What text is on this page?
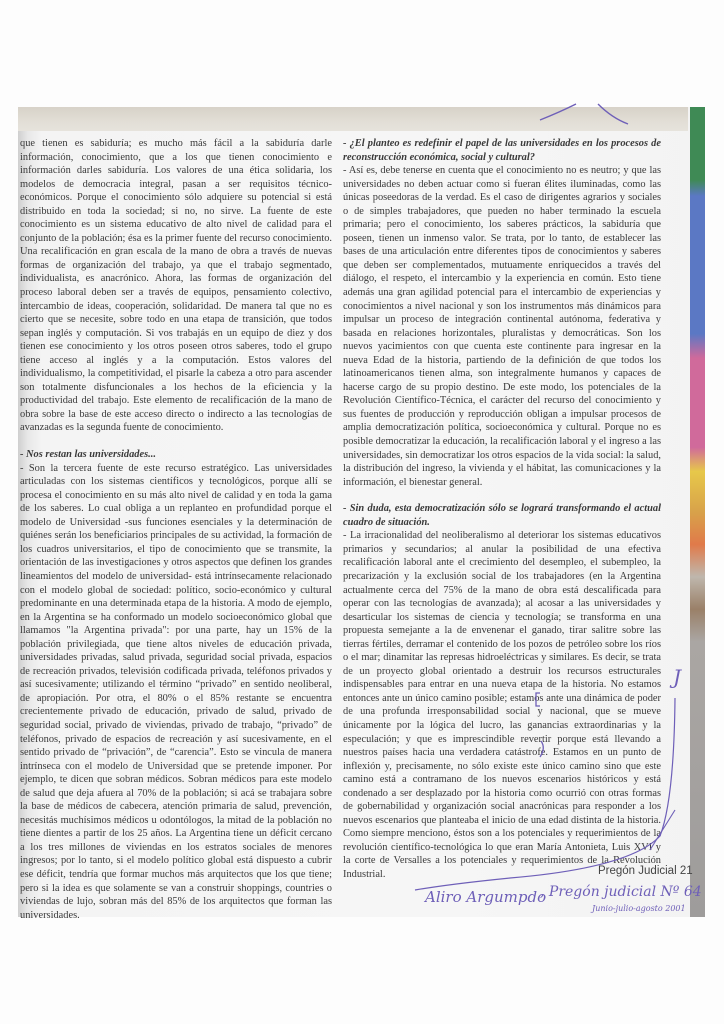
que tienen es sabiduría; es mucho más fácil a la sabiduría darle información, conocimiento, que a los que tienen conocimiento e información darles sabiduría. Los valores de una ética solidaria, los modelos de democracia integral, pasan a ser requisitos técnico-económicos. Porque el conocimiento sólo adquiere su potencial si está distribuido en toda la sociedad; si no, no sirve. La fuente de este conocimiento es un sistema educativo de alto nivel de calidad para el conjunto de la población; ésa es la primer fuente del recurso conocimiento. Una recalificación en gran escala de la mano de obra a través de nuevas formas de organización del trabajo, ya que el trabajo segmentado, individualista, es anacrónico. Ahora, las formas de organización del proceso laboral deben ser a través de equipos, pensamiento colectivo, intercambio de ideas, cooperación, solidaridad. De manera tal que no es cierto que se necesite, sobre todo en una etapa de transición, que todos sepan inglés y computación. Si vos trabajás en un equipo de diez y dos tienen ese conocimiento y los otros poseen otros saberes, todo el grupo tiene acceso al inglés y a la computación. Estos valores del individualismo, la competitividad, el pisarle la cabeza a otro para ascender son totalmente disfuncionales a los hechos de la eficiencia y la productividad del trabajo. Este elemento de recalificación de la mano de obra sobre la base de este acceso directo o indirecto a las tecnologías de avanzadas es la segunda fuente de conocimiento.

- Nos restan las universidades...

- Son la tercera fuente de este recurso estratégico. Las universidades articuladas con los sistemas científicos y tecnológicos, porque allí se procesa el conocimiento en su más alto nivel de calidad y en toda la gama de los saberes. Lo cual obliga a un replanteo en profundidad porque el modelo de Universidad -sus funciones esenciales y la determinación de quiénes serán los beneficiarios principales de su actividad, la formación de los cuadros universitarios, el tipo de conocimiento que se transmite, la orientación de las investigaciones y otros aspectos que definen los grandes lineamientos del modelo de universidad- está intrínsecamente relacionado con el modelo global de sociedad: político, socio-económico y cultural predominante en una determinada etapa de la historia. A modo de ejemplo, en la Argentina se ha conformado un modelo socioeconómico global que llamamos "la Argentina privada": por una parte, hay un 15% de la población privilegiada, que tiene altos niveles de educación privada, universidades privadas, salud privada, seguridad social privada, espacios de recreación privados, televisión codificada privada, teléfonos privados y así sucesivamente; utilizando el término “privado” en sentido neoliberal, de apropiación. Por otra, el 80% o el 85% restante se encuentra crecientemente privado de educación, privado de salud, privado de seguridad social, privado de viviendas, privado de trabajo, “privado” de teléfonos, privado de espacios de recreación y así sucesivamente, en el sentido privado de “privación”, de “carencia”. Esto se vincula de manera intrínseca con el modelo de Universidad que se pretende imponer. Por ejemplo, te dicen que sobran médicos. Sobran médicos para este modelo de salud que deja afuera al 70% de la población; si acá se trabajara sobre la base de médicos de cabecera, atención primaria de salud, prevención, necesitás muchísimos médicos u odontólogos, la mitad de la población no tiene dientes a partir de los 25 años. La Argentina tiene un déficit cercano a los tres millones de viviendas en los estratos sociales de menores ingresos; por lo tanto, si el modelo político global está dispuesto a cubrir ese déficit, tendría que formar muchos más arquitectos que los que tiene; pero si la idea es que solamente se van a construir shoppings, countries o viviendas de lujo, sobran más del 85% de los arquitectos que forman las universidades.

- ¿El planteo es redefinir el papel de las universidades en los procesos de reconstrucción económica, social y cultural?

- Así es, debe tenerse en cuenta que el conocimiento no es neutro; y que las universidades no deben actuar como si fueran élites iluminadas, como las únicas poseedoras de la verdad. Es el caso de dirigentes agrarios y sociales o de simples trabajadores, que pueden no haber terminado la escuela primaria; pero el conocimiento, los saberes prácticos, la sabiduría que poseen, tienen un inmenso valor. Se trata, por lo tanto, de establecer las bases de una articulación entre diferentes tipos de conocimientos y saberes que deben ser complementados, mutuamente enriquecidos a través del diálogo, el respeto, el intercambio y la experiencia en común. Esto tiene además una gran agilidad potencial para el intercambio de experiencias y conocimientos a nivel nacional y son los instrumentos más dinámicos para impulsar un proceso de integración continental autónoma, federativa y basada en relaciones horizontales, pluralistas y democráticas. Son los nuevos yacimientos con que cuenta este continente para ingresar en la nueva Edad de la historia, partiendo de la definición de que todos los latinoamericanos tienen alma, son integralmente humanos y capaces de hacerse cargo de su propio destino. De este modo, los potenciales de la Revolución Científico-Técnica, el carácter del recurso del conocimiento y sus fuentes de producción y reproducción obligan a impulsar procesos de amplia democratización política, socioeconómica y cultural. Porque no es posible democratizar la educación, la recalificación laboral y el ingreso a las universidades, sin democratizar los otros espacios de la vida social: la salud, la distribución del ingreso, la vivienda y el hábitat, las comunicaciones y la información, el bienestar general.

- Sin duda, esta democratización sólo se logrará transformando el actual cuadro de situación.

- La irracionalidad del neoliberalismo al deteriorar los sistemas educativos primarios y secundarios; al anular la posibilidad de una efectiva recalificación laboral ante el crecimiento del desempleo, el subempleo, la precarización y la exclusión social de los trabajadores (en la Argentina actualmente cerca del 75% de la mano de obra está descalificada para operar con las tecnologías de avanzada); al acosar a las universidades y desarticular los sistemas de ciencia y tecnología; se transforma en una propuesta semejante a la de envenenar el ganado, tirar salitre sobre las tierras fértiles, derramar el contenido de los pozos de petróleo sobre los ríos o el mar; dinamitar las represas hidroeléctricas y similares. Es decir, se trata de un proyecto global orientado a destruir los recursos estructurales indispensables para entrar en una nueva etapa de la historia. No estamos entonces ante un único camino posible; estamos ante una dinámica de poder de una profunda irresponsabilidad social y nacional, que se mueve únicamente por la lógica del lucro, las ganancias extraordinarias y la especulación; y que es imprescindible revertir porque está llevando a nuestros países hacia una verdadera catástrofe. Estamos en un punto de inflexión y, precisamente, no sólo existe este único camino sino que este camino está a contramano de los nuevos escenarios históricos y está condenado a ser desplazado por la historia como ocurrió con otras formas de gobernabilidad y organización social anacrónicas para responder a los nuevos escenarios que planteaba el inicio de una edad distinta de la historia. Como siempre menciono, éstos son a los potenciales y requerimientos de la revolución científico-tecnológica lo que eran María Antonieta, Luis XVI y la corte de Versalles a los potenciales y requerimientos de la Revolución Industrial.	Pregón Judicial 21
J
Aliro Argumpdo
, Pregón judicial Nº 64
Junio-julio-agosto 2001
